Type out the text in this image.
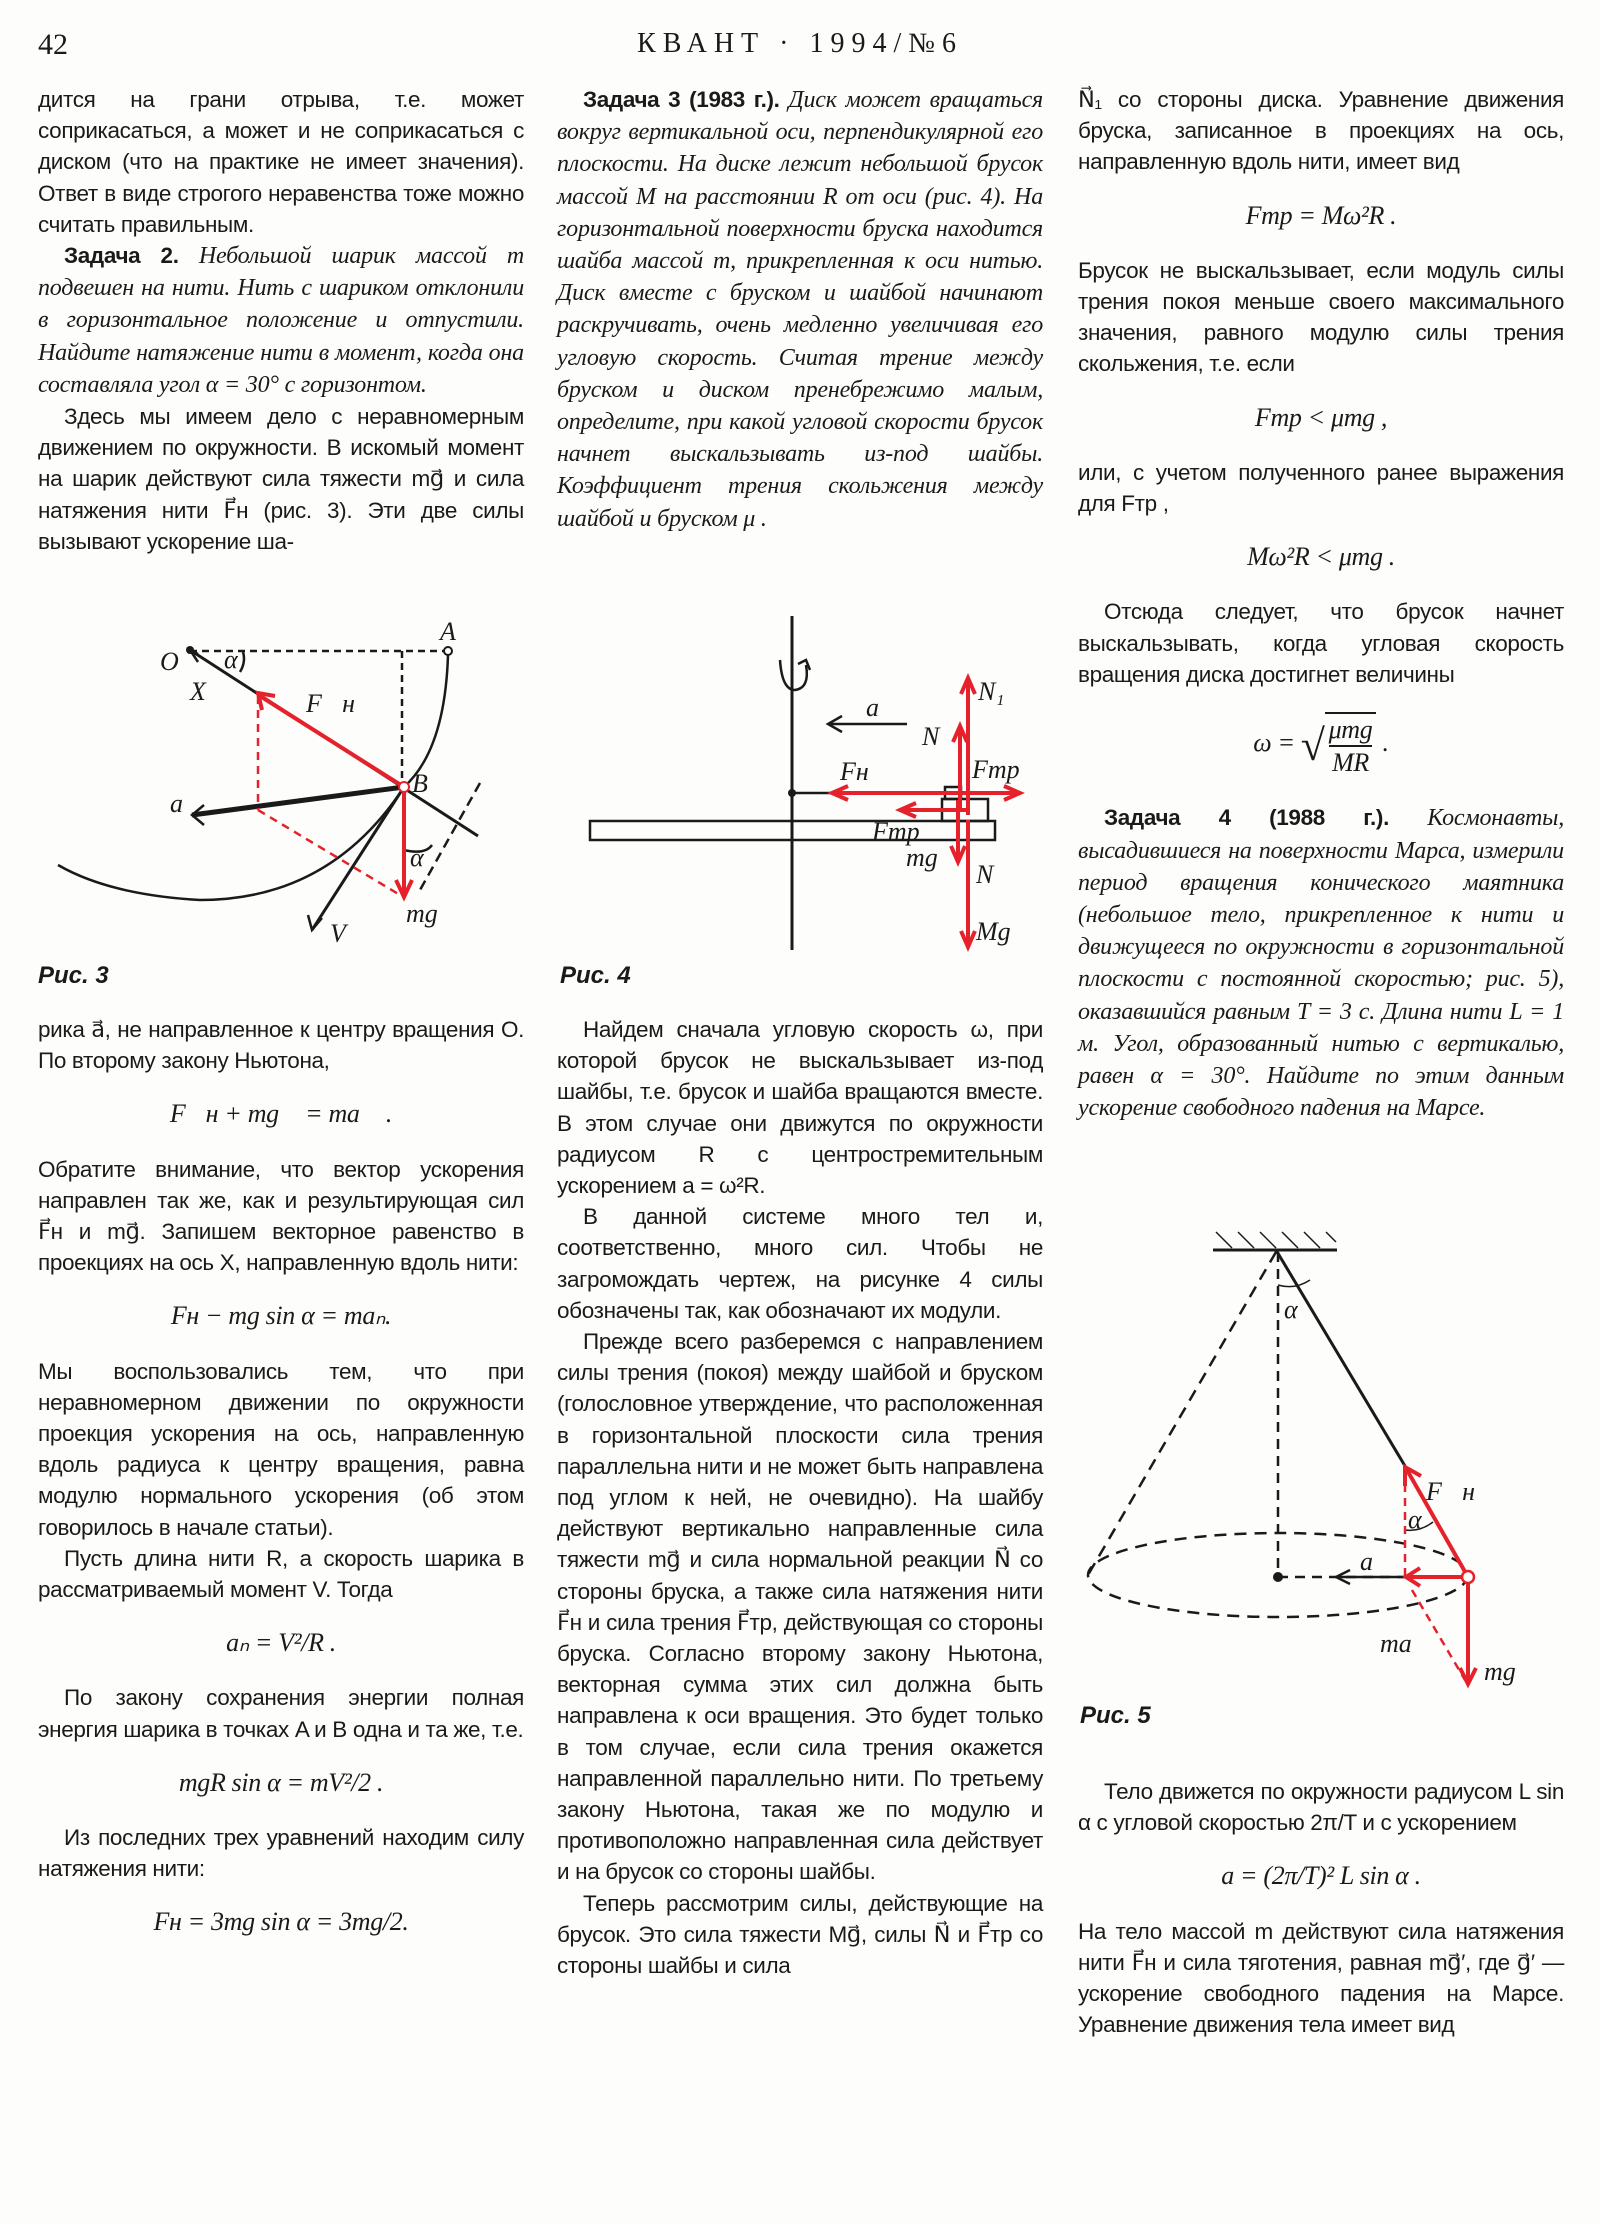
42	КВАНТ · 1994/№6

дится на грани отрыва, т.е. может соприкасаться, а может и не соприкасаться с диском (что на практике не имеет значения). Ответ в виде строгого неравенства тоже можно считать правильным.

Задача 2. Небольшой шарик массой m подвешен на нити. Нить с шариком отклонили в горизонтальное положение и отпустили. Найдите натяжение нити в момент, когда она составляла угол α = 30° с горизонтом.

Здесь мы имеем дело с неравномерным движением по окружности. В искомый момент на шарик действуют сила тяжести mg⃗ и сила натяжения нити F⃗н (рис. 3). Эти две силы вызывают ускорение ша-

O α
X	F⃗н
A
B
a⃗
α
mg⃗
V⃗
Рис. 3

рика a⃗, не направленное к центру вращения O. По второму закону Ньютона,

F⃗н + mg⃗ = ma⃗ .

Обратите внимание, что вектор ускорения направлен так же, как и результирующая сил F⃗н и mg⃗. Запишем векторное равенство в проекциях на ось X, направленную вдоль нити:

Fн − mg sin α = maₙ.

Мы воспользовались тем, что при неравномерном движении по окружности проекция ускорения на ось, направленную вдоль радиуса к центру вращения, равна модулю нормального ускорения (об этом говорилось в начале статьи).

Пусть длина нити R, а скорость шарика в рассматриваемый момент V. Тогда

aₙ = V²/R .

По закону сохранения энергии полная энергия шарика в точках A и B одна и та же, т.е.

mgR sin α = mV²/2 .

Из последних трех уравнений находим силу натяжения нити:

Fн = 3mg sin α = 3mg/2.

Задача 3 (1983 г.). Диск может вращаться вокруг вертикальной оси, перпендикулярной его плоскости. На диске лежит небольшой брусок массой M на расстоянии R от оси (рис. 4). На горизонтальной поверхности бруска находится шайба массой m, прикрепленная к оси нитью. Диск вместе с бруском и шайбой начинают раскручивать, очень медленно увеличивая его угловую скорость. Считая трение между бруском и диском пренебрежимо малым, определите, при какой угловой скорости брусок начнет выскальзывать из-под шайбы. Коэффициент трения скольжения между шайбой и бруском μ .

N₁
a
N
Fн	Fтр
Fтр
mg
N
Mg
Рис. 4

Найдем сначала угловую скорость ω, при которой брусок не выскальзывает из-под шайбы, т.е. брусок и шайба вращаются вместе. В этом случае они движутся по окружности радиусом R с центростремительным ускорением a = ω²R.

В данной системе много тел и, соответственно, много сил. Чтобы не загромождать чертеж, на рисунке 4 силы обозначены так, как обозначают их модули.

Прежде всего разберемся с направлением силы трения (покоя) между шайбой и бруском (голословное утверждение, что расположенная в горизонтальной плоскости сила трения параллельна нити и не может быть направлена под углом к ней, не очевидно). На шайбу действуют вертикально направленные сила тяжести mg⃗ и сила нормальной реакции N⃗ со стороны бруска, а также сила натяжения нити F⃗н и сила трения F⃗тр, действующая со стороны бруска. Согласно второму закону Ньютона, векторная сумма этих сил должна быть направлена к оси вращения. Это будет только в том случае, если сила трения окажется направленной параллельно нити. По третьему закону Ньютона, такая же по модулю и противоположно направленная сила действует и на брусок со стороны шайбы.

Теперь рассмотрим силы, действующие на брусок. Это сила тяжести Mg⃗, силы N⃗ и F⃗тр со стороны шайбы и сила

N⃗₁ со стороны диска. Уравнение движения бруска, записанное в проекциях на ось, направленную вдоль нити, имеет вид

Fтр = Mω²R .

Брусок не выскальзывает, если модуль силы трения покоя меньше своего максимального значения, равного модулю силы трения скольжения, т.е. если

Fтр < μmg ,

или, с учетом полученного ранее выражения для Fтр ,

Mω²R < μmg .

Отсюда следует, что брусок начнет выскальзывать, когда угловая скорость вращения диска достигнет величины

ω = √ $\frac{\text{μmg}}{MR}$ .

Задача 4 (1988 г.). Космонавты, высадившиеся на поверхности Марса, измерили период вращения конического маятника (небольшое тело, прикрепленное к нити и движущееся по окружности в горизонтальной плоскости с постоянной скоростью; рис. 5), оказавшийся равным T = 3 с. Длина нити L = 1 м. Угол, образованный нитью с вертикалью, равен α = 30°. Найдите по этим данным ускорение свободного падения на Марсе.

α
F⃗н
α
a⃗
ma⃗
mg⃗
Рис. 5

Тело движется по окружности радиусом L sin α с угловой скоростью 2π/T и с ускорением

a = (2π/T)² L sin α .

На тело массой m действуют сила натяжения нити F⃗н и сила тяготения, равная mg⃗′, где g⃗′ — ускорение свободного падения на Марсе. Уравнение движения тела имеет вид
